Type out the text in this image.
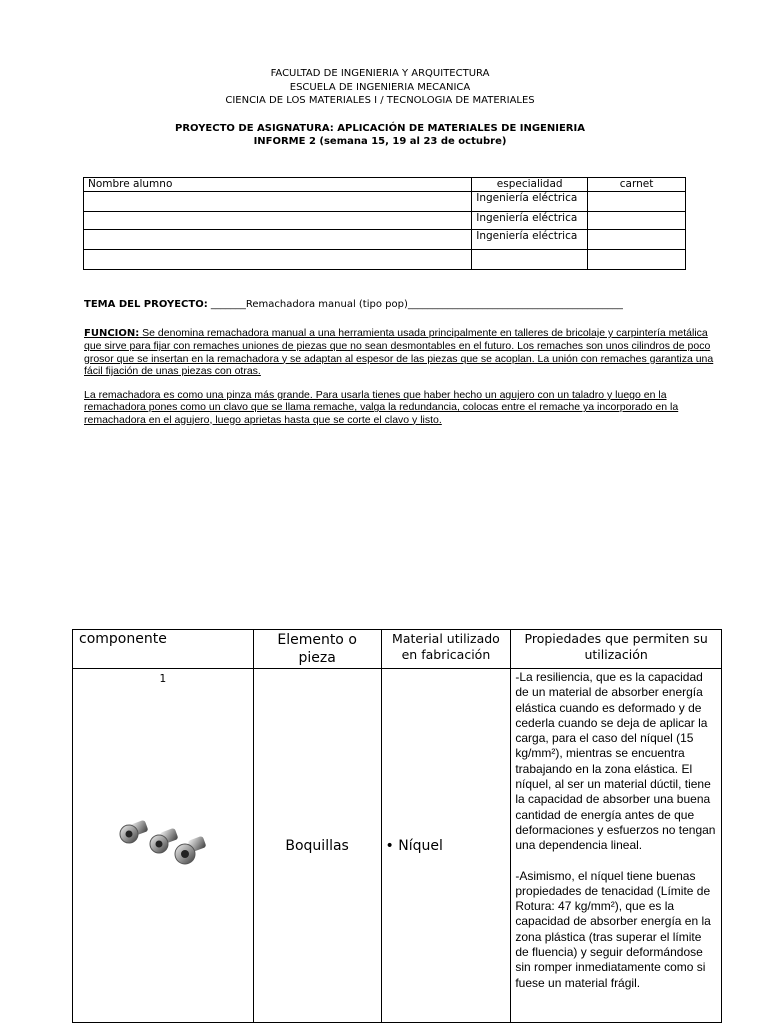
FACULTAD DE INGENIERIA Y ARQUITECTURA
ESCUELA DE INGENIERIA MECANICA
CIENCIA DE LOS MATERIALES I / TECNOLOGIA DE MATERIALES
PROYECTO DE ASIGNATURA: APLICACIÓN DE MATERIALES DE INGENIERIA
INFORME 2 (semana 15, 19 al 23 de octubre)
Nombre alumno	especialidad	carnet
	Ingeniería eléctrica	
	Ingeniería eléctrica	
	Ingeniería eléctrica	

TEMA DEL PROYECTO: _______Remachadora manual (tipo pop)___________________________________________
FUNCION: Se denomina remachadora manual a una herramienta usada principalmente en talleres de bricolaje y carpintería metálica que sirve para fijar con remaches uniones de piezas que no sean desmontables en el futuro. Los remaches son unos cilindros de poco grosor que se insertan en la remachadora y se adaptan al espesor de las piezas que se acoplan. La unión con remaches garantiza una fácil fijación de unas piezas con otras.
La remachadora es como una pinza más grande. Para usarla tienes que haber hecho un agujero con un taladro y luego en la remachadora pones como un clavo que se llama remache, valga la redundancia, colocas entre el remache ya incorporado en la remachadora en el agujero, luego aprietas hasta que se corte el clavo y listo.
componente	Elemento o pieza	Material utilizado en fabricación	Propiedades que permiten su utilización

1	Boquillas	• Níquel	-La resiliencia, que es la capacidad de un material de absorber energía elástica cuando es deformado y de cederla cuando se deja de aplicar la carga, para el caso del níquel (15 kg/mm²), mientras se encuentra trabajando en la zona elástica. El níquel, al ser un material dúctil, tiene la capacidad de absorber una buena cantidad de energía antes de que deformaciones y esfuerzos no tengan una dependencia lineal.
-Asimismo, el níquel tiene buenas propiedades de tenacidad (Límite de Rotura: 47 kg/mm²), que es la capacidad de absorber energía en la zona plástica (tras superar el límite de fluencia) y seguir deformándose sin romper inmediatamente como si fuese un material frágil.
